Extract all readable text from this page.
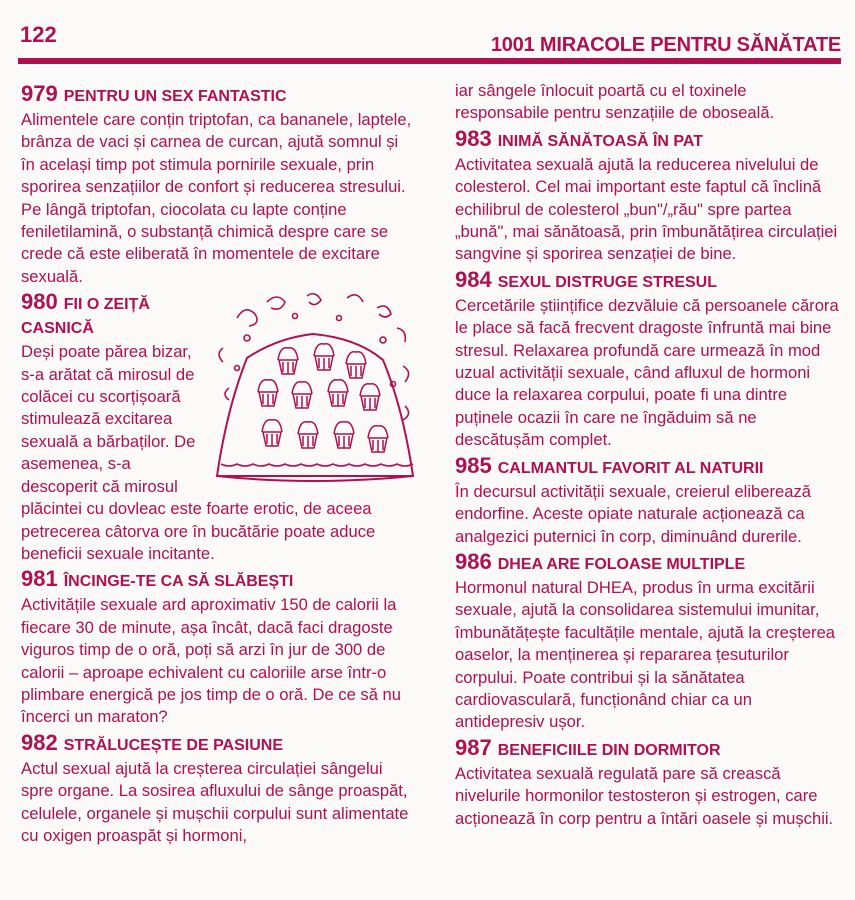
122	1001 MIRACOLE PENTRU SĂNĂTATE
979 PENTRU UN SEX FANTASTIC

Alimentele care conțin triptofan, ca bananele, laptele, brânza de vaci și carnea de curcan, ajută somnul și în același timp pot stimula pornirile sexuale, prin sporirea senzațiilor de confort și reducerea stresului. Pe lângă triptofan, ciocolata cu lapte conține feniletilamină, o substanță chimică despre care se crede că este eliberată în momentele de excitare sexuală.

980 FII O ZEIȚĂ CASNICĂ

Deși poate părea bizar, s-a arătat că mirosul de colăcei cu scorțișoară stimulează excitarea sexuală a bărbaților. De asemenea, s-a descoperit că mirosul plăcintei cu dovleac este foarte erotic, de aceea petrecerea câtorva ore în bucătărie poate aduce beneficii sexuale incitante.

981 ÎNCINGE-TE CA SĂ SLĂBEȘTI

Activitățile sexuale ard aproximativ 150 de calorii la fiecare 30 de minute, așa încât, dacă faci dragoste viguros timp de o oră, poți să arzi în jur de 300 de calorii – aproape echivalent cu caloriile arse într-o plimbare energică pe jos timp de o oră. De ce să nu încerci un maraton?

982 STRĂLUCEȘTE DE PASIUNE

Actul sexual ajută la creșterea circulației sângelui spre organe. La sosirea afluxului de sânge proaspăt, celulele, organele și mușchii corpului sunt alimentate cu oxigen proaspăt și hormoni,

iar sângele înlocuit poartă cu el toxinele responsabile pentru senzațiile de oboseală.

983 INIMĂ SĂNĂTOASĂ ÎN PAT

Activitatea sexuală ajută la reducerea nivelului de colesterol. Cel mai important este faptul că înclină echilibrul de colesterol „bun"/„rău" spre partea „bună", mai sănătoasă, prin îmbunătățirea circulației sangvine și sporirea senzației de bine.

984 SEXUL DISTRUGE STRESUL

Cercetările științifice dezvăluie că persoanele cărora le place să facă frecvent dragoste înfruntă mai bine stresul. Relaxarea profundă care urmează în mod uzual activității sexuale, când afluxul de hormoni duce la relaxarea corpului, poate fi una dintre puținele ocazii în care ne îngăduim să ne descătușăm complet.

985 CALMANTUL FAVORIT AL NATURII

În decursul activității sexuale, creierul eliberează endorfine. Aceste opiate naturale acționează ca analgezici puternici în corp, diminuând durerile.

986 DHEA ARE FOLOASE MULTIPLE

Hormonul natural DHEA, produs în urma excitării sexuale, ajută la consolidarea sistemului imunitar, îmbunătățește facultățile mentale, ajută la creșterea oaselor, la menținerea și repararea țesuturilor corpului. Poate contribui și la sănătatea cardiovasculară, funcționând chiar ca un antidepresiv ușor.

987 BENEFICIILE DIN DORMITOR

Activitatea sexuală regulată pare să crească nivelurile hormonilor testosteron și estrogen, care acționează în corp pentru a întări oasele și mușchii.
